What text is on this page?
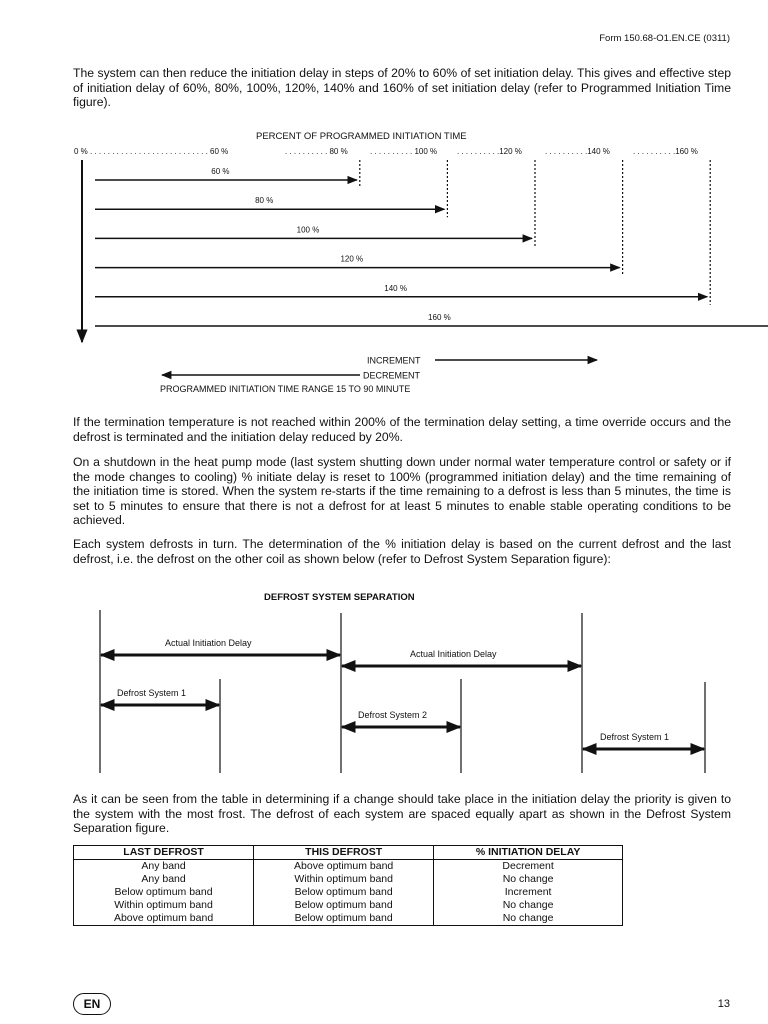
Form 150.68-O1.EN.CE (0311)

The system can then reduce the initiation delay in steps of 20% to 60% of set initiation delay. This gives and effective step of initiation delay of 60%, 80%, 100%, 120%, 140% and 160% of set initiation delay (refer to Programmed Initiation Time figure).

PERCENT OF PROGRAMMED INITIATION TIME
0 % . . . . . . . . . . . . . . . . . . . . . . . . . . . 60 %	. . . . . . . . . . 80 %	. . . . . . . . . . 100 % . . . . . . . . . .120 %	. . . . . . . . . .140 %	. . . . . . . . . .160 %
60 %
80 %
100 %
120 %
140 %
160 %
INCREMENT
DECREMENT
PROGRAMMED INITIATION TIME RANGE 15 TO 90 MINUTE

If the termination temperature is not reached within 200% of the termination delay setting, a time override occurs and the defrost is terminated and the initiation delay reduced by 20%.

On a shutdown in the heat pump mode (last system shutting down under normal water temperature control or safety or if the mode changes to cooling) % initiate delay is reset to 100% (programmed initiation delay) and the time remaining of the initiation time is stored. When the system re-starts if the time remaining to a defrost is less than 5 minutes, the time is set to 5 minutes to ensure that there is not a defrost for at least 5 minutes to enable stable operating conditions to be achieved.

Each system defrosts in turn. The determination of the % initiation delay is based on the current defrost and the last defrost, i.e. the defrost on the other coil as shown below (refer to Defrost System Separation figure):

DEFROST SYSTEM SEPARATION
Actual Initiation Delay
Actual Initiation Delay
Defrost System 1
Defrost System 2
Defrost System 1

As it can be seen from the table in determining if a change should take place in the initiation delay the priority is given to the system with the most frost. The defrost of each system are spaced equally apart as shown in the Defrost System Separation figure.

LAST DEFROST	THIS DEFROST	% INITIATION DELAY
Any band	Above optimum band	Decrement
Any band	Within optimum band	No change
Below optimum band	Below optimum band	Increment
Within optimum band	Below optimum band	No change
Above optimum band	Below optimum band	No change
EN	13
